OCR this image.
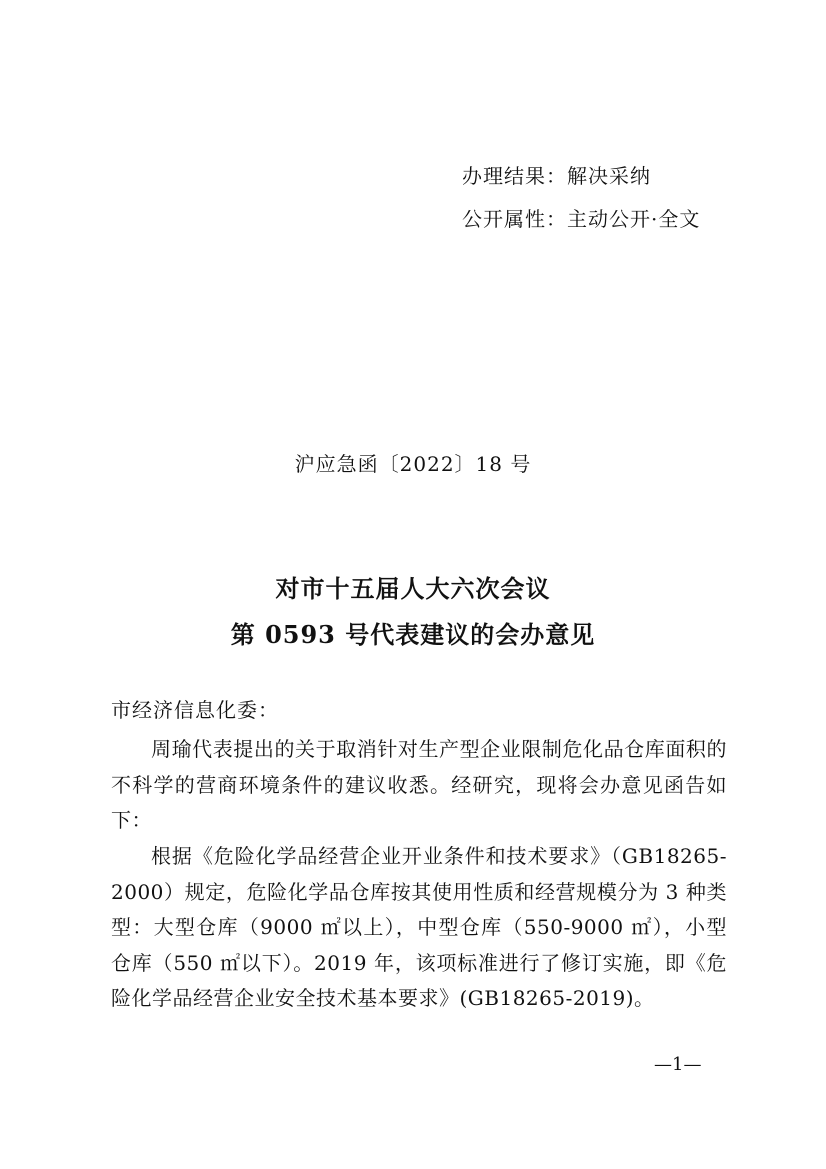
办理结果：解决采纳
公开属性：主动公开·全文
沪应急函〔2022〕18 号
对市十五届人大六次会议
第 0593 号代表建议的会办意见
市经济信息化委：

周瑜代表提出的关于取消针对生产型企业限制危化品仓库面积的不科学的营商环境条件的建议收悉。经研究，现将会办意见函告如下：

根据《危险化学品经营企业开业条件和技术要求》（GB18265-2000）规定，危险化学品仓库按其使用性质和经营规模分为 3 种类型：大型仓库（9000 ㎡以上），中型仓库（550-9000 ㎡），小型仓库（550 ㎡以下）。2019 年，该项标准进行了修订实施，即《危险化学品经营企业安全技术基本要求》(GB18265-2019)。

—1—
